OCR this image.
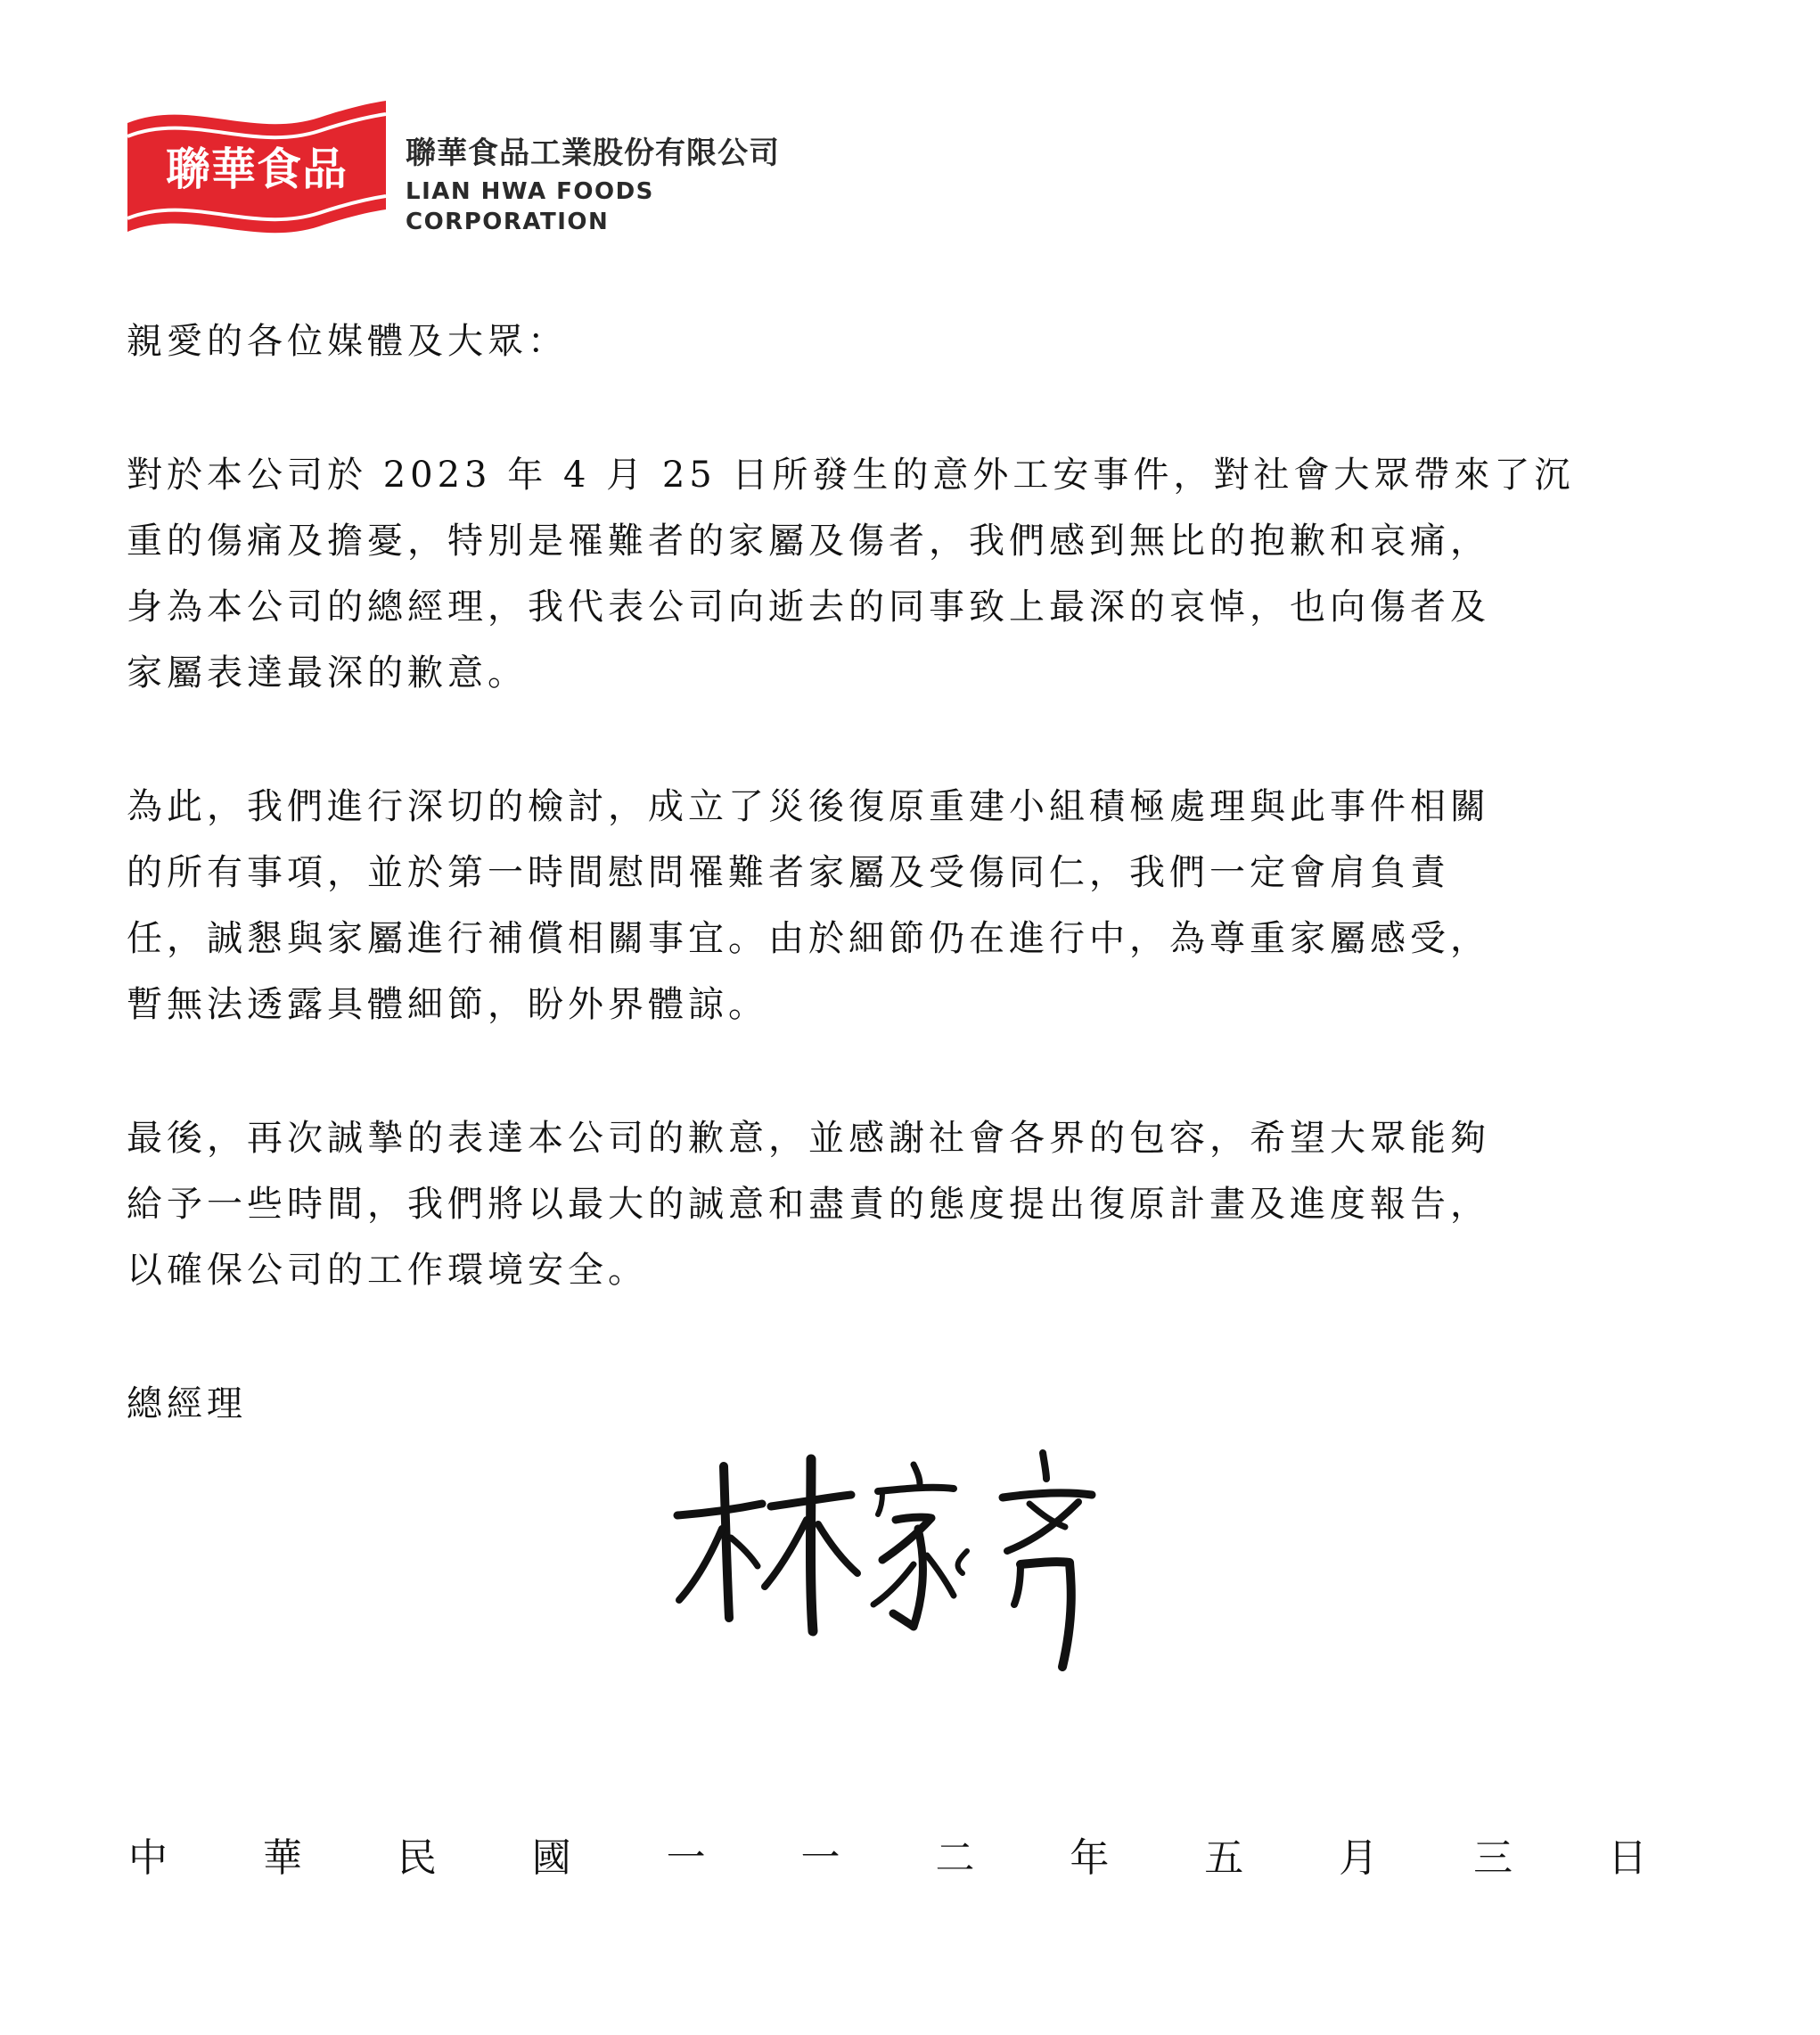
聯華食品	聯華食品工業股份有限公司
LIAN HWA FOODS CORPORATION

親愛的各位媒體及大眾：

對於本公司於 2023 年 4 月 25 日所發生的意外工安事件，對社會大眾帶來了沉
重的傷痛及擔憂，特別是罹難者的家屬及傷者，我們感到無比的抱歉和哀痛，
身為本公司的總經理，我代表公司向逝去的同事致上最深的哀悼，也向傷者及
家屬表達最深的歉意。

為此，我們進行深切的檢討，成立了災後復原重建小組積極處理與此事件相關
的所有事項，並於第一時間慰問罹難者家屬及受傷同仁，我們一定會肩負責
任，誠懇與家屬進行補償相關事宜。由於細節仍在進行中，為尊重家屬感受，
暫無法透露具體細節，盼外界體諒。

最後，再次誠摯的表達本公司的歉意，並感謝社會各界的包容，希望大眾能夠
給予一些時間，我們將以最大的誠意和盡責的態度提出復原計畫及進度報告，
以確保公司的工作環境安全。

總經理

中 華 民 國 一 一 二 年 五 月 三 日
